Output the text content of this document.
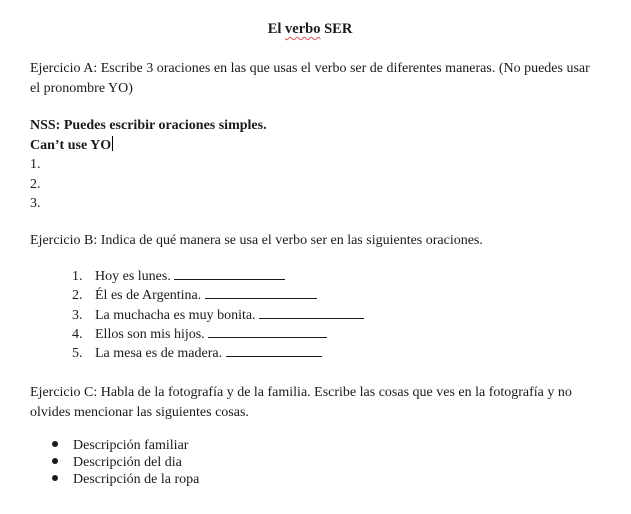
El verbo SER
Ejercicio A: Escribe 3 oraciones en las que usas el verbo ser de diferentes maneras. (No puedes usar el pronombre YO)
NSS: Puedes escribir oraciones simples.
Can’t use YO
1.
2.
3.
Ejercicio B: Indica de qué manera se usa el verbo ser en las siguientes oraciones.
1. Hoy es lunes.
2. Él es de Argentina.
3. La muchacha es muy bonita.
4. Ellos son mis hijos.
5. La mesa es de madera.
Ejercicio C: Habla de la fotografía y de la familia. Escribe las cosas que ves en la fotografía y no olvides mencionar las siguientes cosas.
Descripción familiar
Descripción del dia
Descripción de la ropa
